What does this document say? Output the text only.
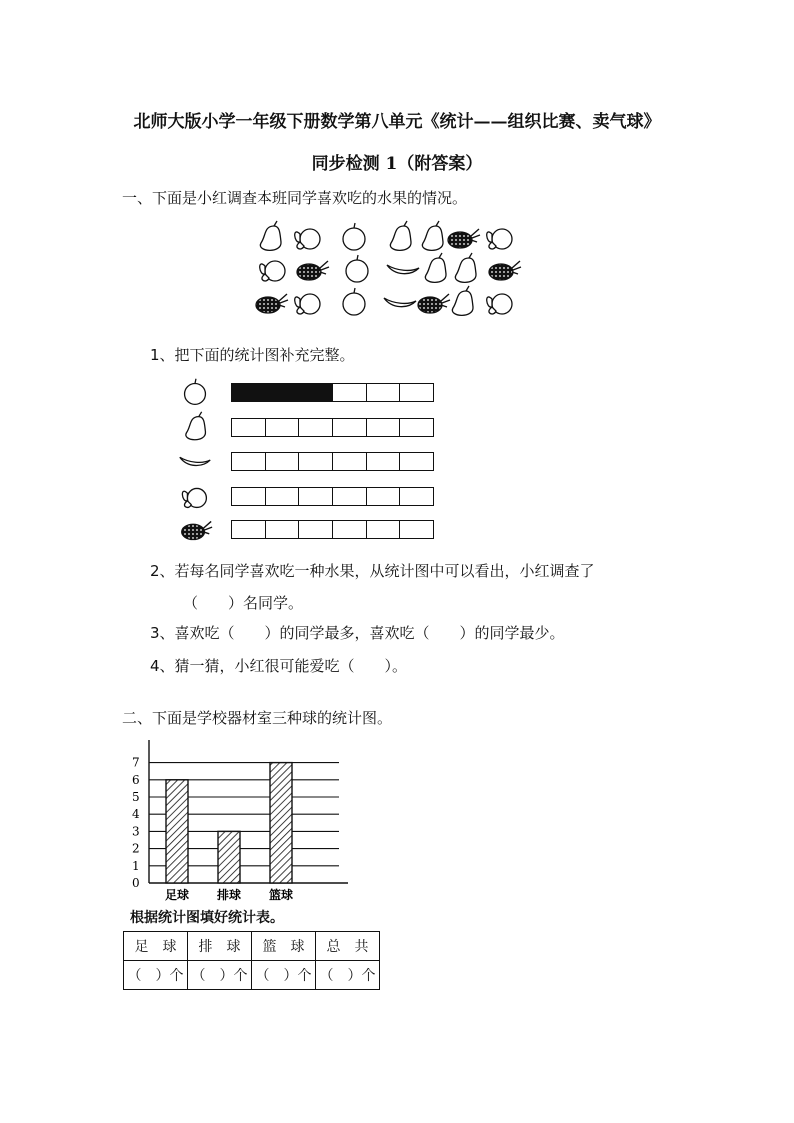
北师大版小学一年级下册数学第八单元《统计——组织比赛、卖气球》
同步检测 1（附答案）
一、下面是小红调查本班同学喜欢吃的水果的情况。
1、把下面的统计图补充完整。
2、若每名同学喜欢吃一种水果，从统计图中可以看出，小红调查了
（　　）名同学。
3、喜欢吃（　　）的同学最多，喜欢吃（　　）的同学最少。
4、猜一猜，小红很可能爱吃（　　）。
二、下面是学校器材室三种球的统计图。
0
1
2
3
4
5
6
7
足球 排球 篮球
根据统计图填好统计表。
足　球	排　球	篮　球	总　共
（　）个	（　）个	（　）个	（　）个
